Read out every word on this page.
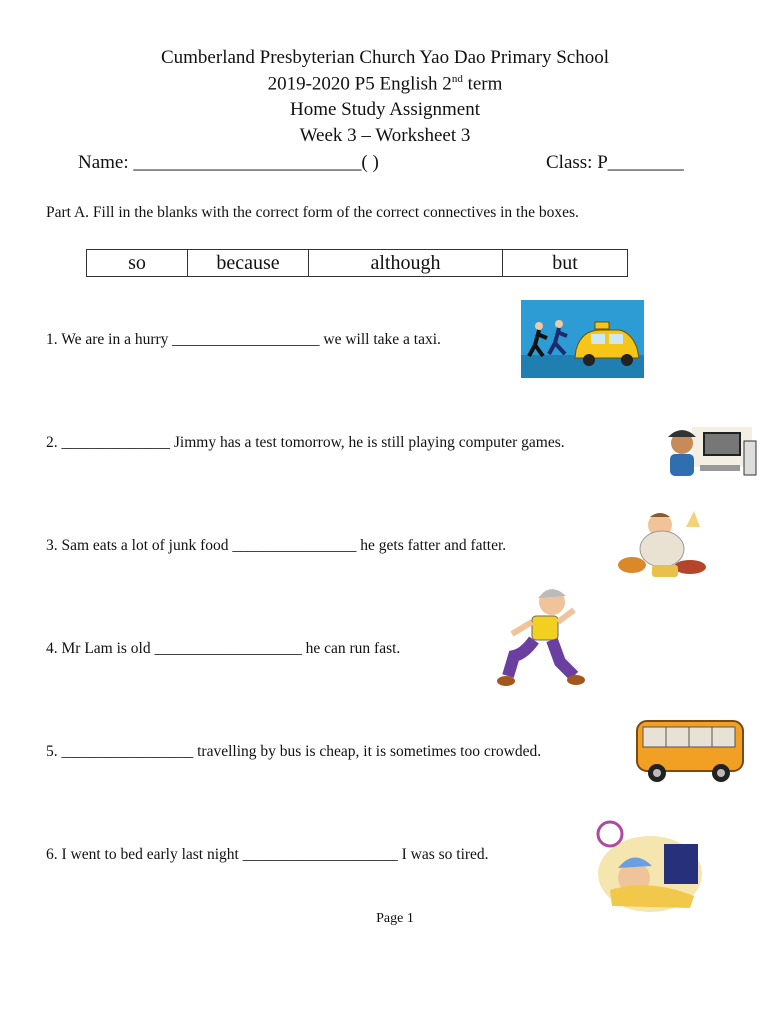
Cumberland Presbyterian Church Yao Dao Primary School
2019-2020 P5 English 2nd term
Home Study Assignment
Week 3 – Worksheet 3
Name: ________________________( )	Class: P________
Part A. Fill in the blanks with the correct form of the correct connectives in the boxes.
so	because	although	but
1. We are in a hurry ___________________ we will take a taxi.
2. ______________ Jimmy has a test tomorrow, he is still playing computer games.
3. Sam eats a lot of junk food ________________ he gets fatter and fatter.
4. Mr Lam is old ___________________ he can run fast.
5. _________________ travelling by bus is cheap, it is sometimes too crowded.
6. I went to bed early last night ____________________ I was so tired.
Page 1
